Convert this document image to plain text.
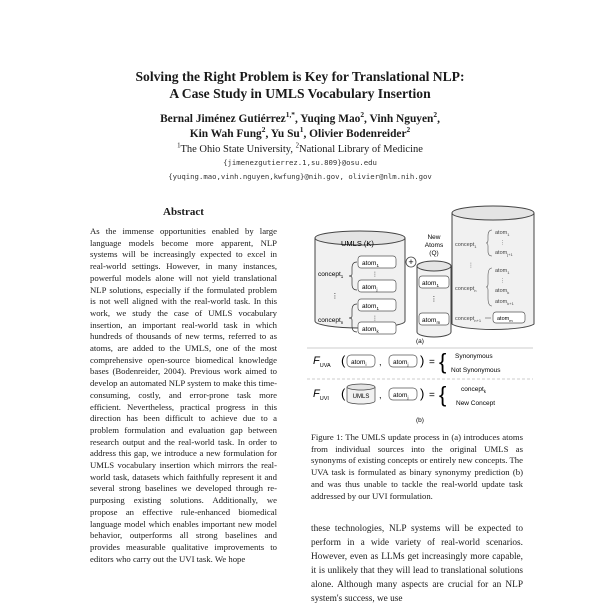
Solving the Right Problem is Key for Translational NLP:
A Case Study in UMLS Vocabulary Insertion
Bernal Jiménez Gutiérrez$^{1,*}$, Yuqing Mao$^2$, Vinh Nguyen$^2$,
Kin Wah Fung$^2$, Yu Su$^1$, Olivier Bodenreider$^2$
$^1$The Ohio State University, $^2$National Library of Medicine
{jimenezgutierrez.1,su.809}@osu.edu
{yuqing.mao,vinh.nguyen,kwfung}@nih.gov, olivier@nlm.nih.gov
Abstract

As the immense opportunities enabled by large language models become more apparent, NLP systems will be increasingly expected to excel in real-world settings. However, in many instances, powerful models alone will not yield translational NLP solutions, especially if the formulated problem is not well aligned with the real-world task. In this work, we study the case of UMLS vocabulary insertion, an important real-world task in which hundreds of thousands of new terms, referred to as atoms, are added to the UMLS, one of the most comprehensive open-source biomedical knowledge bases (Bodenreider, 2004). Previous work aimed to develop an automated NLP system to make this time-consuming, costly, and error-prone task more efficient. Nevertheless, practical progress in this direction has been difficult to achieve due to a problem formulation and evaluation gap between research output and the real-world task. In order to address this gap, we introduce a new formulation for UMLS vocabulary insertion which mirrors the real-world task, datasets which faithfully represent it and several strong baselines we developed through re-purposing existing solutions. Additionally, we propose an effective rule-enhanced biomedical language model which enables important new model behavior, outperforms all strong baselines and provides measurable qualitative improvements to editors who carry out the UVI task. We hope

UMLS (K)
concept$_1$
atom$_1$
⋮
atom$_j$
⋮
concept$_n$
atom$_1$
⋮
atom$_k$
+
New
Atoms
(Q)
atom$_1$
⋮
atom$_m$
concept$_1$
atom$_1$
⋮
atom$_{j+1}$
⋮
concept$_n$
atom$_1$
⋮
atom$_k$
atom$_{k+1}$
concept$_{n+1}$	atom$_m$
(a)
$F_{UVA}$ ( atom$_i$ , atom$_j$ ) = { Synonymous
Not Synonymous
$F_{UVI}$ ( UMLS , atom$_j$ ) = { concept$_k$
New Concept
(b)

Figure 1: The UMLS update process in (a) introduces atoms from individual sources into the original UMLS as synonyms of existing concepts or entirely new concepts. The UVA task is formulated as binary synonymy prediction (b) and was thus unable to tackle the real-world update task addressed by our UVI formulation.

these technologies, NLP systems will be expected to perform in a wide variety of real-world scenarios. However, even as LLMs get increasingly more capable, it is unlikely that they will lead to translational solutions alone. Although many aspects are crucial for an NLP system's success, we use
